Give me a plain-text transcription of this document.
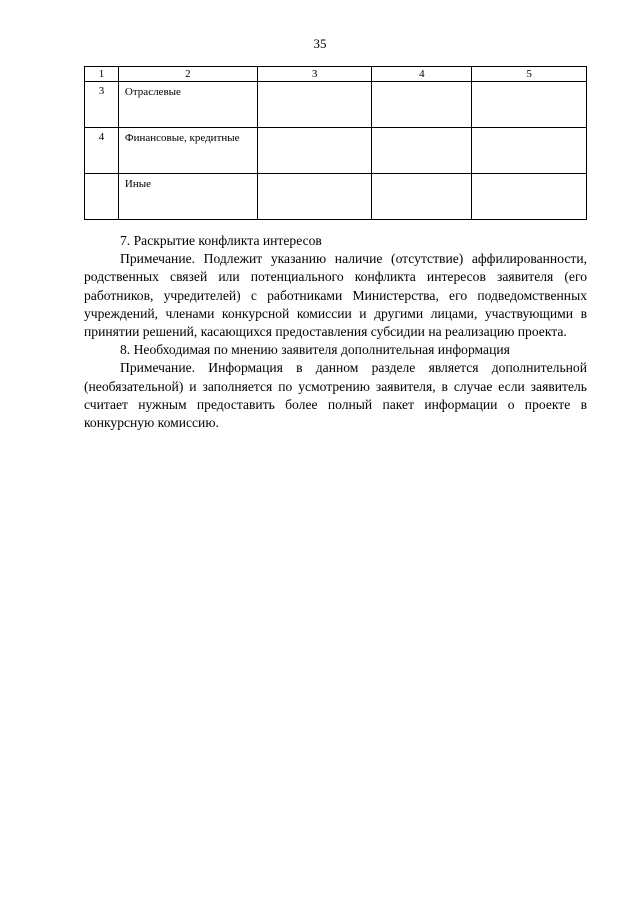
35
1	2	3	4	5
3	Отраслевые			
4	Финансовые, кредитные			
	Иные			

7. Раскрытие конфликта интересов

Примечание. Подлежит указанию наличие (отсутствие) аффилированности, родственных связей или потенциального конфликта интересов заявителя (его работников, учредителей) с работниками Министерства, его подведомственных учреждений, членами конкурсной комиссии и другими лицами, участвующими в принятии решений, касающихся предоставления субсидии на реализацию проекта.

8. Необходимая по мнению заявителя дополнительная информация

Примечание. Информация в данном разделе является дополнительной (необязательной) и заполняется по усмотрению заявителя, в случае если заявитель считает нужным предоставить более полный пакет информации о проекте в конкурсную комиссию.
